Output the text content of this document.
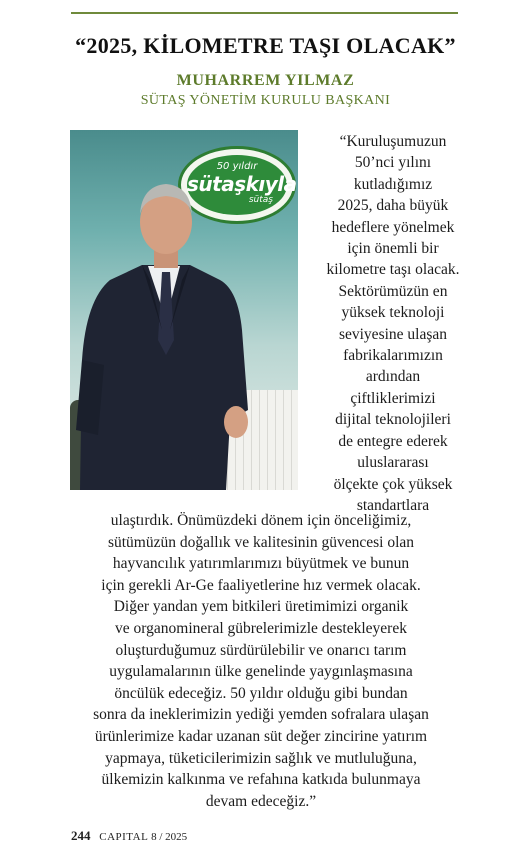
“2025, KİLOMETRE TAŞI OLACAK”
MUHARREM YILMAZ
SÜTAŞ YÖNETİM KURULU BAŞKANI
50 yıldır
sütaşkıyla
sütaş
“Kuruluşumuzun
50’nci yılını
kutladığımız
2025, daha büyük
hedeflere yönelmek
için önemli bir
kilometre taşı olacak.
Sektörümüzün en
yüksek teknoloji
seviyesine ulaşan
fabrikalarımızın
ardından
çiftliklerimizi
dijital teknolojileri
de entegre ederek
uluslararası
ölçekte çok yüksek
standartlara
ulaştırdık. Önümüzdeki dönem için önceliğimiz,
sütümüzün doğallık ve kalitesinin güvencesi olan
hayvancılık yatırımlarımızı büyütmek ve bunun
için gerekli Ar-Ge faaliyetlerine hız vermek olacak.
Diğer yandan yem bitkileri üretimimizi organik
ve organomineral gübrelerimizle destekleyerek
oluşturduğumuz sürdürülebilir ve onarıcı tarım
uygulamalarının ülke genelinde yaygınlaşmasına
öncülük edeceğiz. 50 yıldır olduğu gibi bundan
sonra da ineklerimizin yediği yemden sofralara ulaşan
ürünlerimize kadar uzanan süt değer zincirine yatırım
yapmaya, tüketicilerimizin sağlık ve mutluluğuna,
ülkemizin kalkınma ve refahına katkıda bulunmaya
devam edeceğiz.”
244 CAPITAL 8 / 2025
